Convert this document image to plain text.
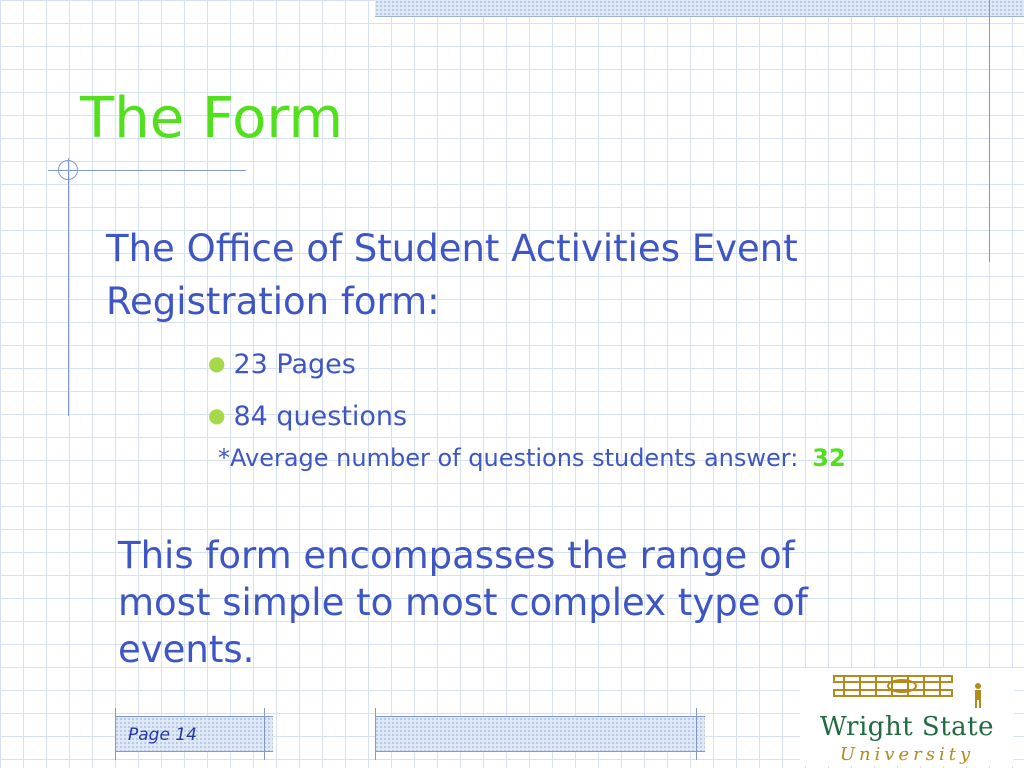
The Form

The Office of Student Activities Event Registration form:

● 23 Pages
● 84 questions
*Average number of questions students answer: 32

This form encompasses the range of most simple to most complex type of events.

Page 14	Wright State
University
